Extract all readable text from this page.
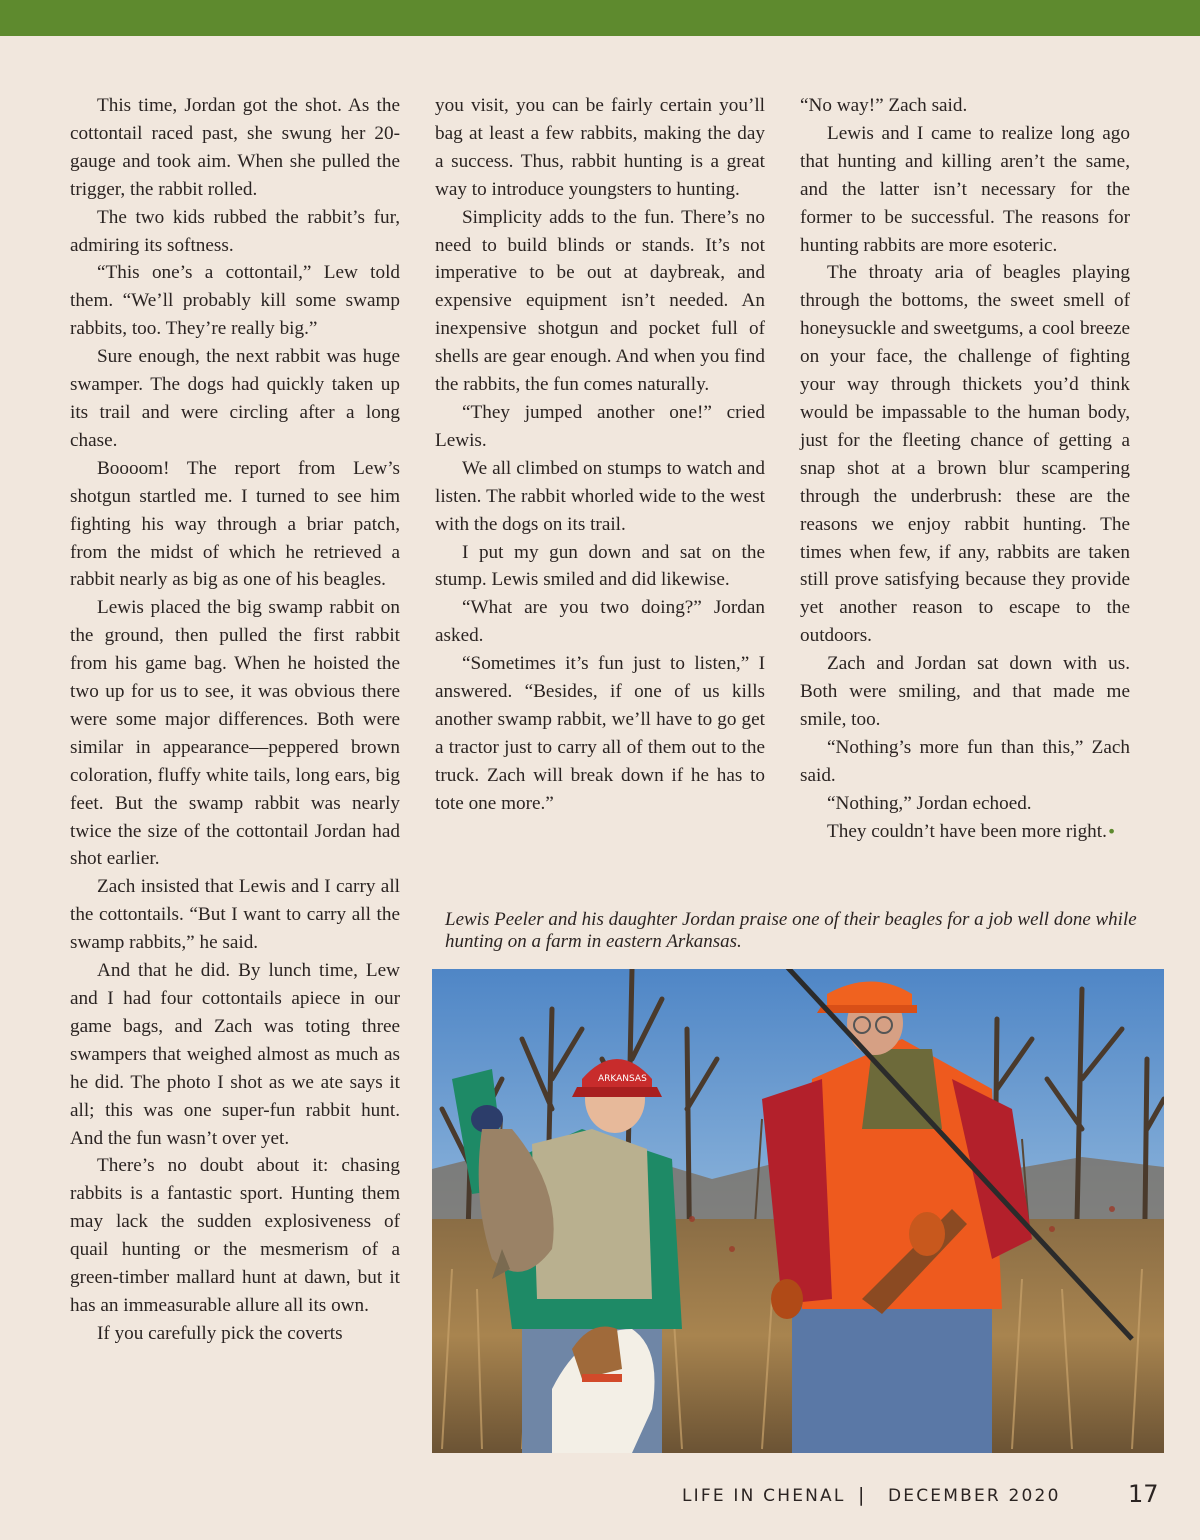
This time, Jordan got the shot. As the cottontail raced past, she swung her 20-gauge and took aim. When she pulled the trigger, the rabbit rolled.

The two kids rubbed the rabbit’s fur, admiring its softness.

“This one’s a cottontail,” Lew told them. “We’ll probably kill some swamp rabbits, too. They’re really big.”

Sure enough, the next rabbit was huge swamper. The dogs had quickly taken up its trail and were circling after a long chase.

Boooom! The report from Lew’s shotgun startled me. I turned to see him fighting his way through a briar patch, from the midst of which he retrieved a rabbit nearly as big as one of his beagles.

Lewis placed the big swamp rabbit on the ground, then pulled the first rabbit from his game bag. When he hoisted the two up for us to see, it was obvious there were some major differences. Both were similar in appearance—peppered brown coloration, fluffy white tails, long ears, big feet. But the swamp rabbit was nearly twice the size of the cottontail Jordan had shot earlier.

Zach insisted that Lewis and I carry all the cottontails. “But I want to carry all the swamp rabbits,” he said.

And that he did. By lunch time, Lew and I had four cottontails apiece in our game bags, and Zach was toting three swampers that weighed almost as much as he did. The photo I shot as we ate says it all; this was one super-fun rabbit hunt. And the fun wasn’t over yet.

There’s no doubt about it: chasing rabbits is a fantastic sport. Hunting them may lack the sudden explosiveness of quail hunting or the mesmerism of a green-timber mallard hunt at dawn, but it has an immeasurable allure all its own.

If you carefully pick the coverts

you visit, you can be fairly certain you’ll bag at least a few rabbits, making the day a success. Thus, rabbit hunting is a great way to introduce youngsters to hunting.

Simplicity adds to the fun. There’s no need to build blinds or stands. It’s not imperative to be out at daybreak, and expensive equipment isn’t needed. An inexpensive shotgun and pocket full of shells are gear enough. And when you find the rabbits, the fun comes naturally.

“They jumped another one!” cried Lewis.

We all climbed on stumps to watch and listen. The rabbit whorled wide to the west with the dogs on its trail.

I put my gun down and sat on the stump. Lewis smiled and did likewise.

“What are you two doing?” Jordan asked.

“Sometimes it’s fun just to listen,” I answered. “Besides, if one of us kills another swamp rabbit, we’ll have to go get a tractor just to carry all of them out to the truck. Zach will break down if he has to tote one more.”

“No way!” Zach said.

Lewis and I came to realize long ago that hunting and killing aren’t the same, and the latter isn’t necessary for the former to be successful. The reasons for hunting rabbits are more esoteric.

The throaty aria of beagles playing through the bottoms, the sweet smell of honeysuckle and sweetgums, a cool breeze on your face, the challenge of fighting your way through thickets you’d think would be impassable to the human body, just for the fleeting chance of getting a snap shot at a brown blur scampering through the underbrush: these are the reasons we enjoy rabbit hunting. The times when few, if any, rabbits are taken still prove satisfying because they provide yet another reason to escape to the outdoors.

Zach and Jordan sat down with us. Both were smiling, and that made me smile, too.

“Nothing’s more fun than this,” Zach said.

“Nothing,” Jordan echoed.

They couldn’t have been more right.•

Lewis Peeler and his daughter Jordan praise one of their beagles for a job well done while hunting on a farm in eastern Arkansas.
ARKANSAS
LIFE IN CHENAL | DECEMBER 2020	17
